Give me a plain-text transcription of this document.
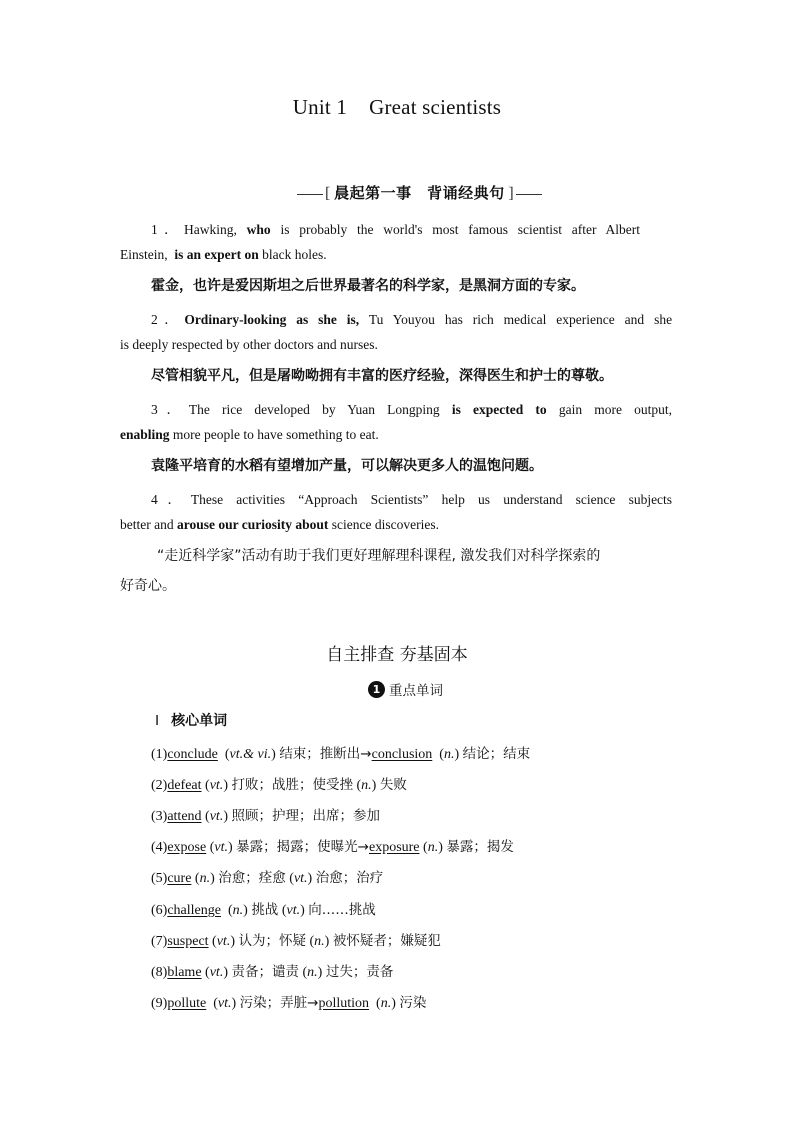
Unit 1 Great scientists
[ 晨起第一事　背诵经典句 ]
1．Hawking, who is probably the world's most famous scientist after Albert
Einstein, is an expert on black holes.
霍金，也许是爱因斯坦之后世界最著名的科学家，是黑洞方面的专家。
2．Ordinary-looking as she is, Tu Youyou has rich medical experience and she
is deeply respected by other doctors and nurses.
尽管相貌平凡，但是屠呦呦拥有丰富的医疗经验，深得医生和护士的尊敬。
3．The rice developed by Yuan Longping is expected to gain more output,
enabling more people to have something to eat.
袁隆平培育的水稻有望增加产量，可以解决更多人的温饱问题。
4．These activities “Approach Scientists” help us understand science subjects
better and arouse our curiosity about science discoveries.
“走近科学家”活动有助于我们更好理解理科课程, 激发我们对科学探索的
好奇心。
自主排查 夯基固本
1 重点单词
Ⅰ 核心单词
(1)conclude (vt.& vi.) 结束；推断出→conclusion (n.) 结论；结束
(2)defeat (vt.) 打败；战胜；使受挫 (n.) 失败
(3)attend (vt.) 照顾；护理；出席；参加
(4)expose (vt.) 暴露；揭露；使曝光→exposure (n.) 暴露；揭发
(5)cure (n.) 治愈；痊愈 (vt.) 治愈；治疗
(6)challenge (n.) 挑战 (vt.) 向……挑战
(7)suspect (vt.) 认为；怀疑 (n.) 被怀疑者；嫌疑犯
(8)blame (vt.) 责备；谴责 (n.) 过失；责备
(9)pollute (vt.) 污染；弄脏→pollution (n.) 污染
